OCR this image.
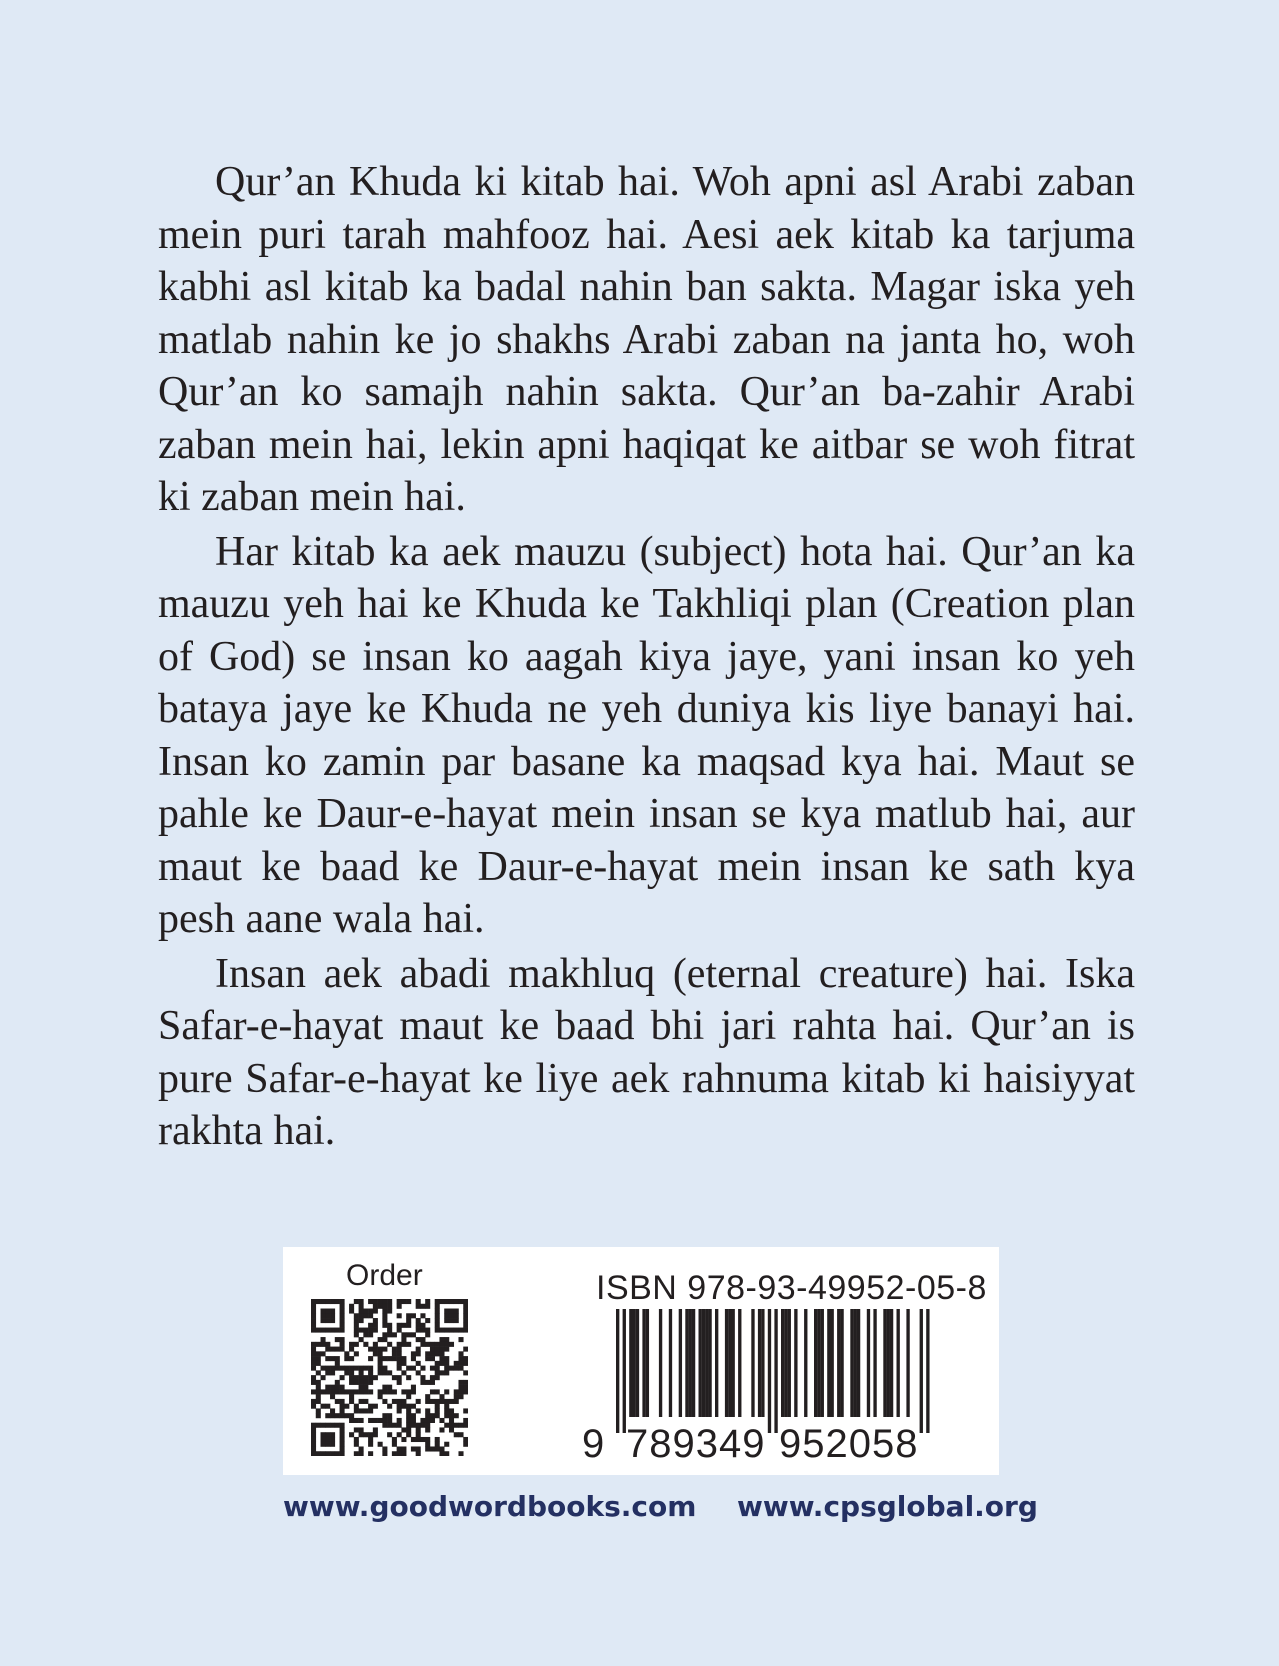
Qur’an Khuda ki kitab hai. Woh apni asl Arabi zaban mein puri tarah mahfooz hai. Aesi aek kitab ka tarjuma kabhi asl kitab ka badal nahin ban sakta. Magar iska yeh matlab nahin ke jo shakhs Arabi zaban na janta ho, woh Qur’an ko samajh nahin sakta. Qur’an ba-zahir Arabi zaban mein hai, lekin apni haqiqat ke aitbar se woh fitrat ki zaban mein hai.

Har kitab ka aek mauzu (subject) hota hai. Qur’an ka mauzu yeh hai ke Khuda ke Takhliqi plan (Creation plan of God) se insan ko aagah kiya jaye, yani insan ko yeh bataya jaye ke Khuda ne yeh duniya kis liye banayi hai. Insan ko zamin par basane ka maqsad kya hai. Maut se pahle ke Daur-e-hayat mein insan se kya matlub hai, aur maut ke baad ke Daur-e-hayat mein insan ke sath kya pesh aane wala hai.

Insan aek abadi makhluq (eternal creature) hai. Iska Safar-e-hayat maut ke baad bhi jari rahta hai. Qur’an is pure Safar-e-hayat ke liye aek rahnuma kitab ki haisiyyat rakhta hai.

Order	ISBN 978-93-49952-05-8
9 789349 952058
www.goodwordbooks.com www.cpsglobal.org
